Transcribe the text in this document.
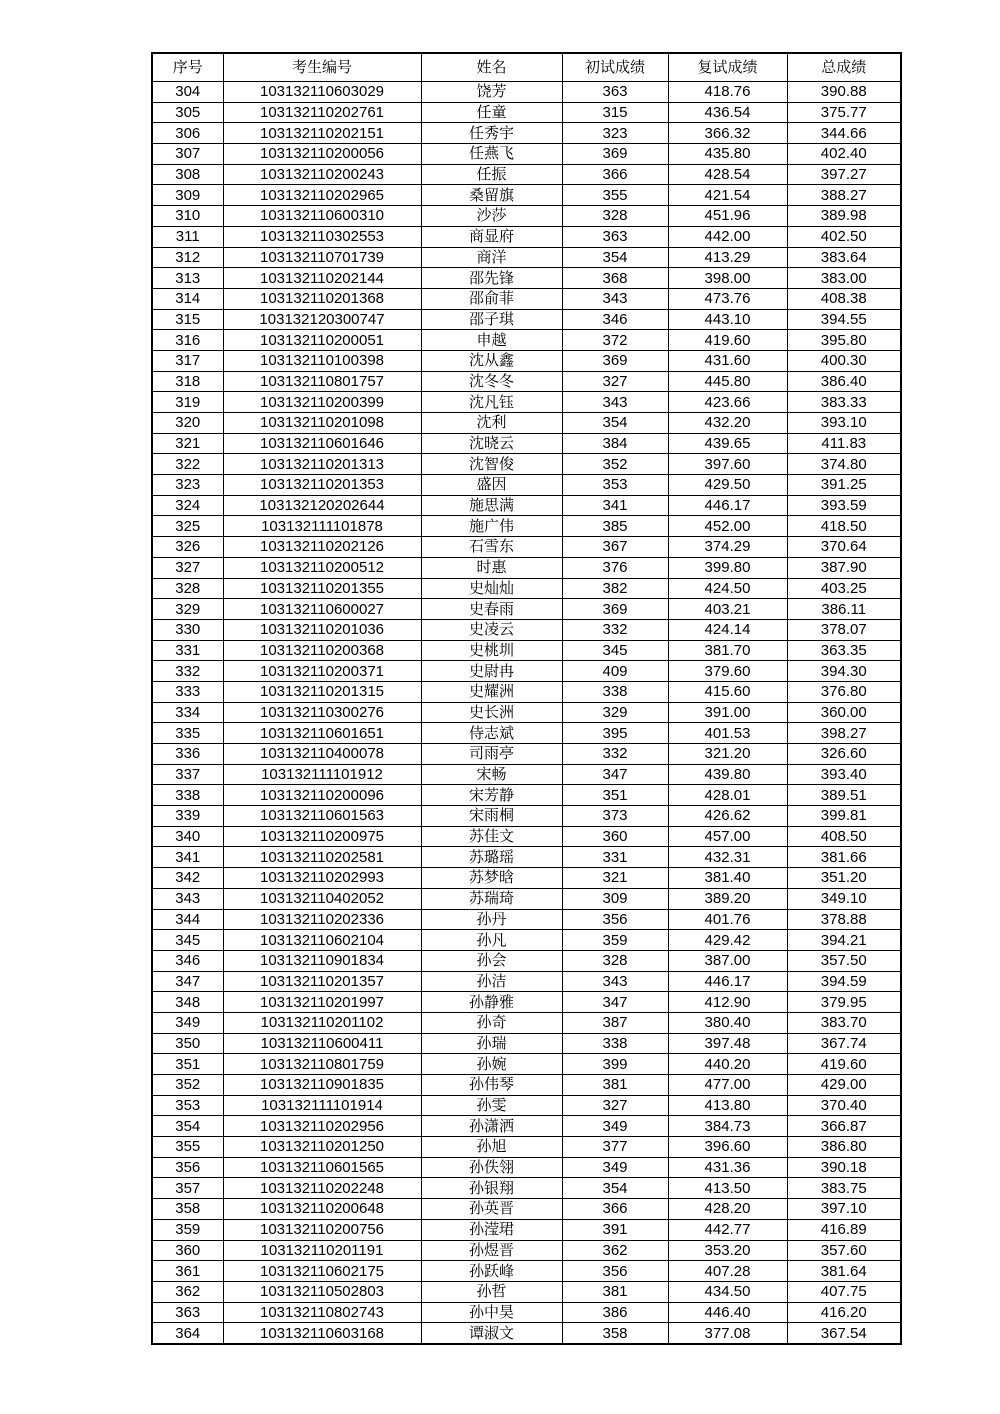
序号	考生编号	姓名	初试成绩	复试成绩	总成绩
304	103132110603029	饶芳	363	418.76	390.88
305	103132110202761	任童	315	436.54	375.77
306	103132110202151	任秀宇	323	366.32	344.66
307	103132110200056	任燕飞	369	435.80	402.40
308	103132110200243	任振	366	428.54	397.27
309	103132110202965	桑留旗	355	421.54	388.27
310	103132110600310	沙莎	328	451.96	389.98
311	103132110302553	商显府	363	442.00	402.50
312	103132110701739	商洋	354	413.29	383.64
313	103132110202144	邵先锋	368	398.00	383.00
314	103132110201368	邵俞菲	343	473.76	408.38
315	103132120300747	邵子琪	346	443.10	394.55
316	103132110200051	申越	372	419.60	395.80
317	103132110100398	沈从鑫	369	431.60	400.30
318	103132110801757	沈冬冬	327	445.80	386.40
319	103132110200399	沈凡钰	343	423.66	383.33
320	103132110201098	沈利	354	432.20	393.10
321	103132110601646	沈晓云	384	439.65	411.83
322	103132110201313	沈智俊	352	397.60	374.80
323	103132110201353	盛因	353	429.50	391.25
324	103132120202644	施思满	341	446.17	393.59
325	103132111101878	施广伟	385	452.00	418.50
326	103132110202126	石雪东	367	374.29	370.64
327	103132110200512	时惠	376	399.80	387.90
328	103132110201355	史灿灿	382	424.50	403.25
329	103132110600027	史春雨	369	403.21	386.11
330	103132110201036	史凌云	332	424.14	378.07
331	103132110200368	史桃圳	345	381.70	363.35
332	103132110200371	史尉冉	409	379.60	394.30
333	103132110201315	史耀洲	338	415.60	376.80
334	103132110300276	史长洲	329	391.00	360.00
335	103132110601651	侍志斌	395	401.53	398.27
336	103132110400078	司雨亭	332	321.20	326.60
337	103132111101912	宋畅	347	439.80	393.40
338	103132110200096	宋芳静	351	428.01	389.51
339	103132110601563	宋雨桐	373	426.62	399.81
340	103132110200975	苏佳文	360	457.00	408.50
341	103132110202581	苏璐瑶	331	432.31	381.66
342	103132110202993	苏梦晗	321	381.40	351.20
343	103132110402052	苏瑞琦	309	389.20	349.10
344	103132110202336	孙丹	356	401.76	378.88
345	103132110602104	孙凡	359	429.42	394.21
346	103132110901834	孙会	328	387.00	357.50
347	103132110201357	孙洁	343	446.17	394.59
348	103132110201997	孙静雅	347	412.90	379.95
349	103132110201102	孙奇	387	380.40	383.70
350	103132110600411	孙瑞	338	397.48	367.74
351	103132110801759	孙婉	399	440.20	419.60
352	103132110901835	孙伟琴	381	477.00	429.00
353	103132111101914	孙雯	327	413.80	370.40
354	103132110202956	孙潇洒	349	384.73	366.87
355	103132110201250	孙旭	377	396.60	386.80
356	103132110601565	孙佚翎	349	431.36	390.18
357	103132110202248	孙银翔	354	413.50	383.75
358	103132110200648	孙英晋	366	428.20	397.10
359	103132110200756	孙滢珺	391	442.77	416.89
360	103132110201191	孙煜晋	362	353.20	357.60
361	103132110602175	孙跃峰	356	407.28	381.64
362	103132110502803	孙哲	381	434.50	407.75
363	103132110802743	孙中昊	386	446.40	416.20
364	103132110603168	谭淑文	358	377.08	367.54
